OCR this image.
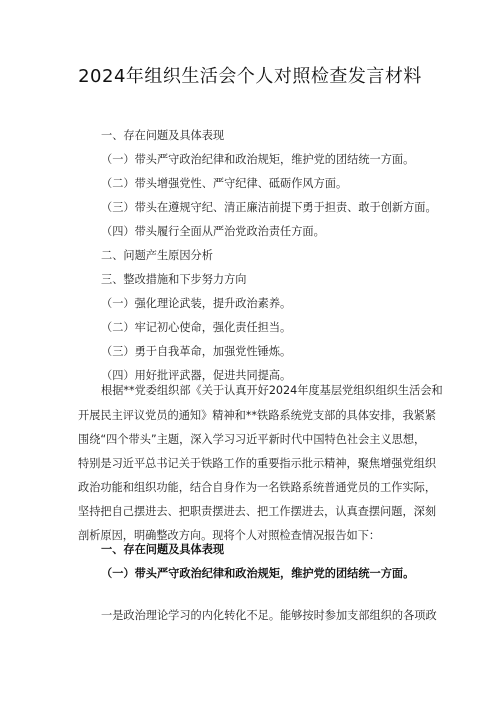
2024年组织生活会个人对照检查发言材料
一、存在问题及具体表现
（一）带头严守政治纪律和政治规矩，维护党的团结统一方面。
（二）带头增强党性、严守纪律、砥砺作风方面。
（三）带头在遵规守纪、清正廉洁前提下勇于担责、敢于创新方面。
（四）带头履行全面从严治党政治责任方面。
二、问题产生原因分析
三、整改措施和下步努力方向
（一）强化理论武装，提升政治素养。
（二）牢记初心使命，强化责任担当。
（三）勇于自我革命，加强党性锤炼。
（四）用好批评武器，促进共同提高。
根据**党委组织部《关于认真开好2024年度基层党组织组织生活会和
开展民主评议党员的通知》精神和**铁路系统党支部的具体安排，我紧紧
围绕“四个带头”主题，深入学习习近平新时代中国特色社会主义思想，
特别是习近平总书记关于铁路工作的重要指示批示精神，聚焦增强党组织
政治功能和组织功能，结合自身作为一名铁路系统普通党员的工作实际，
坚持把自己摆进去、把职责摆进去、把工作摆进去，认真查摆问题，深刻
剖析原因，明确整改方向。现将个人对照检查情况报告如下：
一、存在问题及具体表现
（一）带头严守政治纪律和政治规矩，维护党的团结统一方面。
一是政治理论学习的内化转化不足。能够按时参加支部组织的各项政
